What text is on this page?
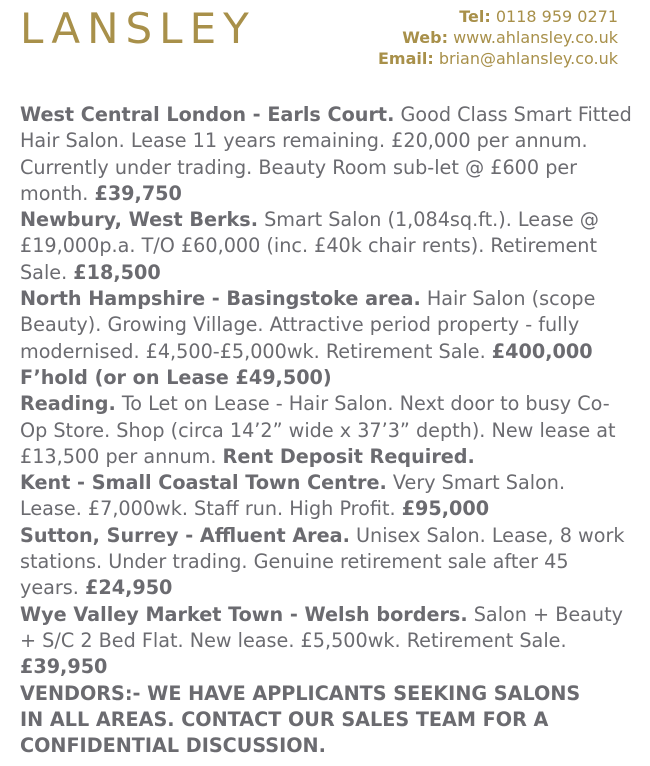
LANSLEY	Tel: 0118 959 0271
Web: www.ahlansley.co.uk
Email: brian@ahlansley.co.uk

West Central London - Earls Court. Good Class Smart Fitted Hair Salon. Lease 11 years remaining. £20,000 per annum. Currently under trading. Beauty Room sub-let @ £600 per month. £39,750

Newbury, West Berks. Smart Salon (1,084sq.ft.). Lease @ £19,000p.a. T/O £60,000 (inc. £40k chair rents). Retirement Sale. £18,500

North Hampshire - Basingstoke area. Hair Salon (scope Beauty). Growing Village. Attractive period property - fully modernised. £4,500-£5,000wk. Retirement Sale. £400,000 F’hold (or on Lease £49,500)

Reading. To Let on Lease - Hair Salon. Next door to busy Co-Op Store. Shop (circa 14’2” wide x 37’3” depth). New lease at £13,500 per annum. Rent Deposit Required.

Kent - Small Coastal Town Centre. Very Smart Salon. Lease. £7,000wk. Staff run. High Profit. £95,000

Sutton, Surrey - Affluent Area. Unisex Salon. Lease, 8 work stations. Under trading. Genuine retirement sale after 45 years. £24,950

Wye Valley Market Town - Welsh borders. Salon + Beauty + S/C 2 Bed Flat. New lease. £5,500wk. Retirement Sale. £39,950

VENDORS:- WE HAVE APPLICANTS SEEKING SALONS
IN ALL AREAS. CONTACT OUR SALES TEAM FOR A
CONFIDENTIAL DISCUSSION.
